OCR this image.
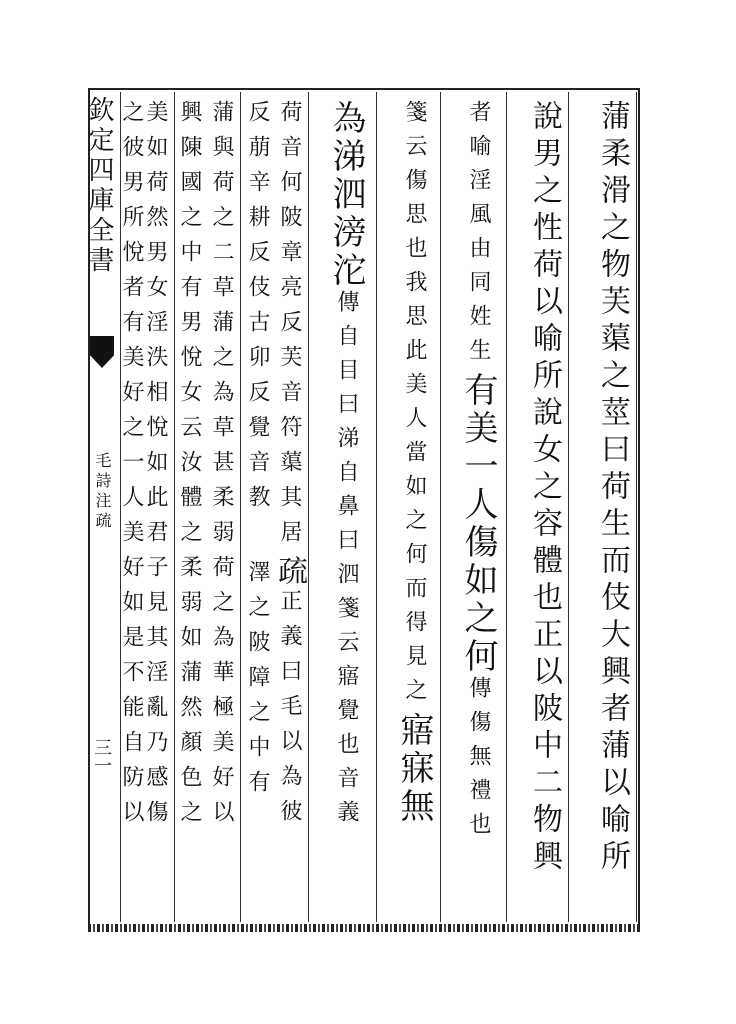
欽定四庫全書
毛詩注疏
三一	蒲柔滑之物芙蕖之莖曰荷生而伎大興者蒲以喻所
說男之性荷以喻所說女之容體也正以陂中二物興
者喻淫風由同姓生有美一人傷如之何傳傷無禮也
箋云傷思也我思此美人當如之何而得見之寤寐無
為涕泗滂沱傳自目曰涕自鼻曰泗箋云寤覺也音義
荷音何陂章亮反芙音符蕖其居疏正義曰毛以為彼
反萠辛耕反伎古卯反覺音教澤之陂障之中有
蒲與荷之二草蒲之為草甚柔弱荷之為華極美好以
興陳國之中有男悅女云汝體之柔弱如蒲然顏色之
美如荷然男女淫泆相悅如此君子見其淫亂乃感傷
之彼男所悅者有美好之一人美好如是不能自防以
